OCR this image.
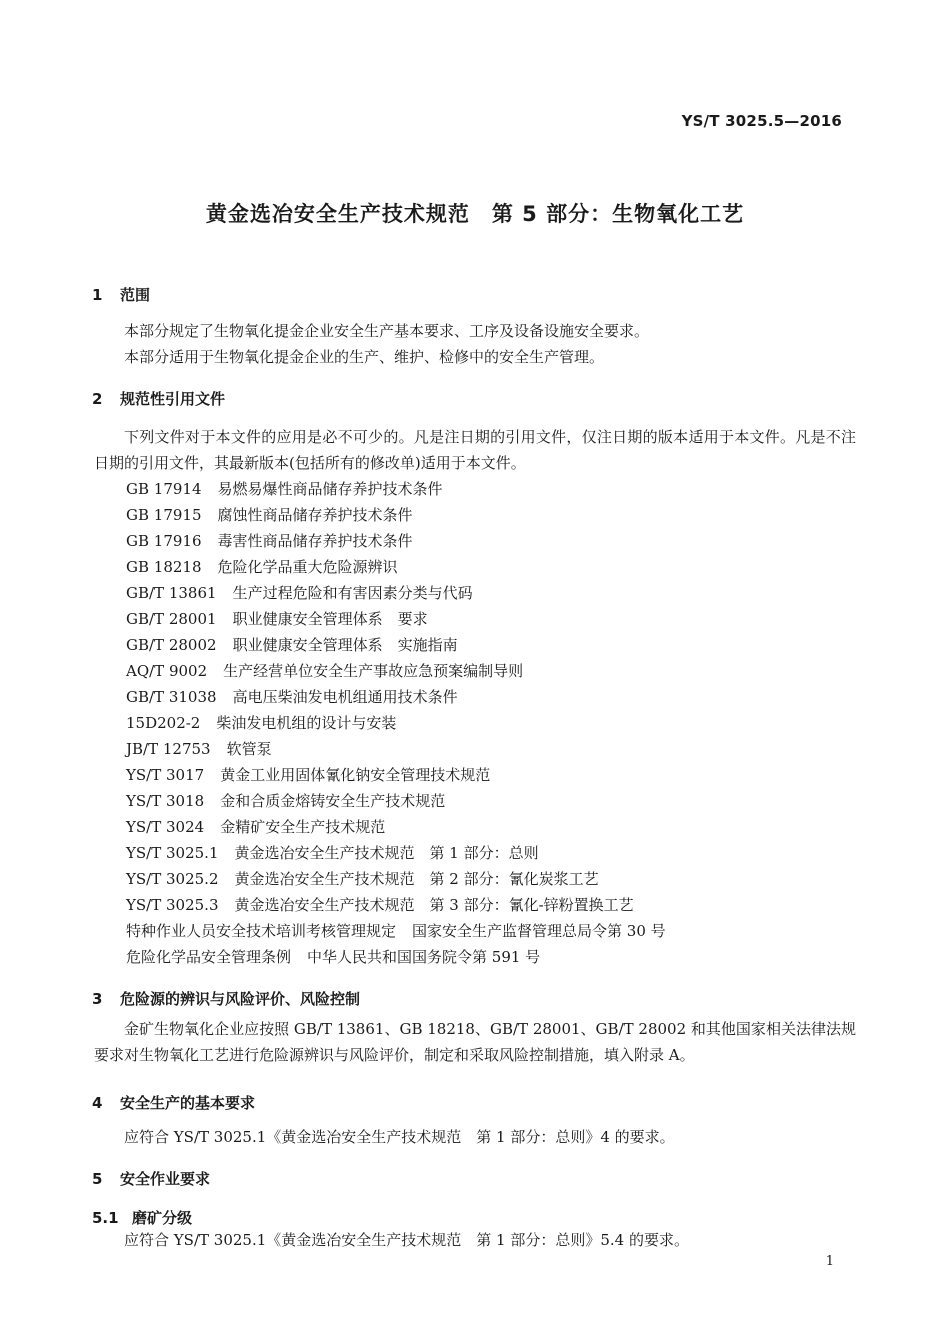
YS/T 3025.5—2016
黄金选冶安全生产技术规范　第 5 部分：生物氧化工艺
1 范围
本部分规定了生物氧化提金企业安全生产基本要求、工序及设备设施安全要求。
本部分适用于生物氧化提金企业的生产、维护、检修中的安全生产管理。
2 规范性引用文件
下列文件对于本文件的应用是必不可少的。凡是注日期的引用文件，仅注日期的版本适用于本文件。凡是不注日期的引用文件，其最新版本(包括所有的修改单)适用于本文件。
GB 17914 易燃易爆性商品储存养护技术条件
GB 17915 腐蚀性商品储存养护技术条件
GB 17916 毒害性商品储存养护技术条件
GB 18218 危险化学品重大危险源辨识
GB/T 13861 生产过程危险和有害因素分类与代码
GB/T 28001 职业健康安全管理体系　要求
GB/T 28002 职业健康安全管理体系　实施指南
AQ/T 9002 生产经营单位安全生产事故应急预案编制导则
GB/T 31038 高电压柴油发电机组通用技术条件
15D202-2 柴油发电机组的设计与安装
JB/T 12753 软管泵
YS/T 3017 黄金工业用固体氰化钠安全管理技术规范
YS/T 3018 金和合质金熔铸安全生产技术规范
YS/T 3024 金精矿安全生产技术规范
YS/T 3025.1 黄金选冶安全生产技术规范　第 1 部分：总则
YS/T 3025.2 黄金选冶安全生产技术规范　第 2 部分：氰化炭浆工艺
YS/T 3025.3 黄金选冶安全生产技术规范　第 3 部分：氰化-锌粉置换工艺
特种作业人员安全技术培训考核管理规定 国家安全生产监督管理总局令第 30 号
危险化学品安全管理条例 中华人民共和国国务院令第 591 号
3 危险源的辨识与风险评价、风险控制
金矿生物氧化企业应按照 GB/T 13861、GB 18218、GB/T 28001、GB/T 28002 和其他国家相关法律法规要求对生物氧化工艺进行危险源辨识与风险评价，制定和采取风险控制措施，填入附录 A。
4 安全生产的基本要求
应符合 YS/T 3025.1《黄金选冶安全生产技术规范　第 1 部分：总则》4 的要求。
5 安全作业要求
5.1 磨矿分级
应符合 YS/T 3025.1《黄金选冶安全生产技术规范　第 1 部分：总则》5.4 的要求。
1
